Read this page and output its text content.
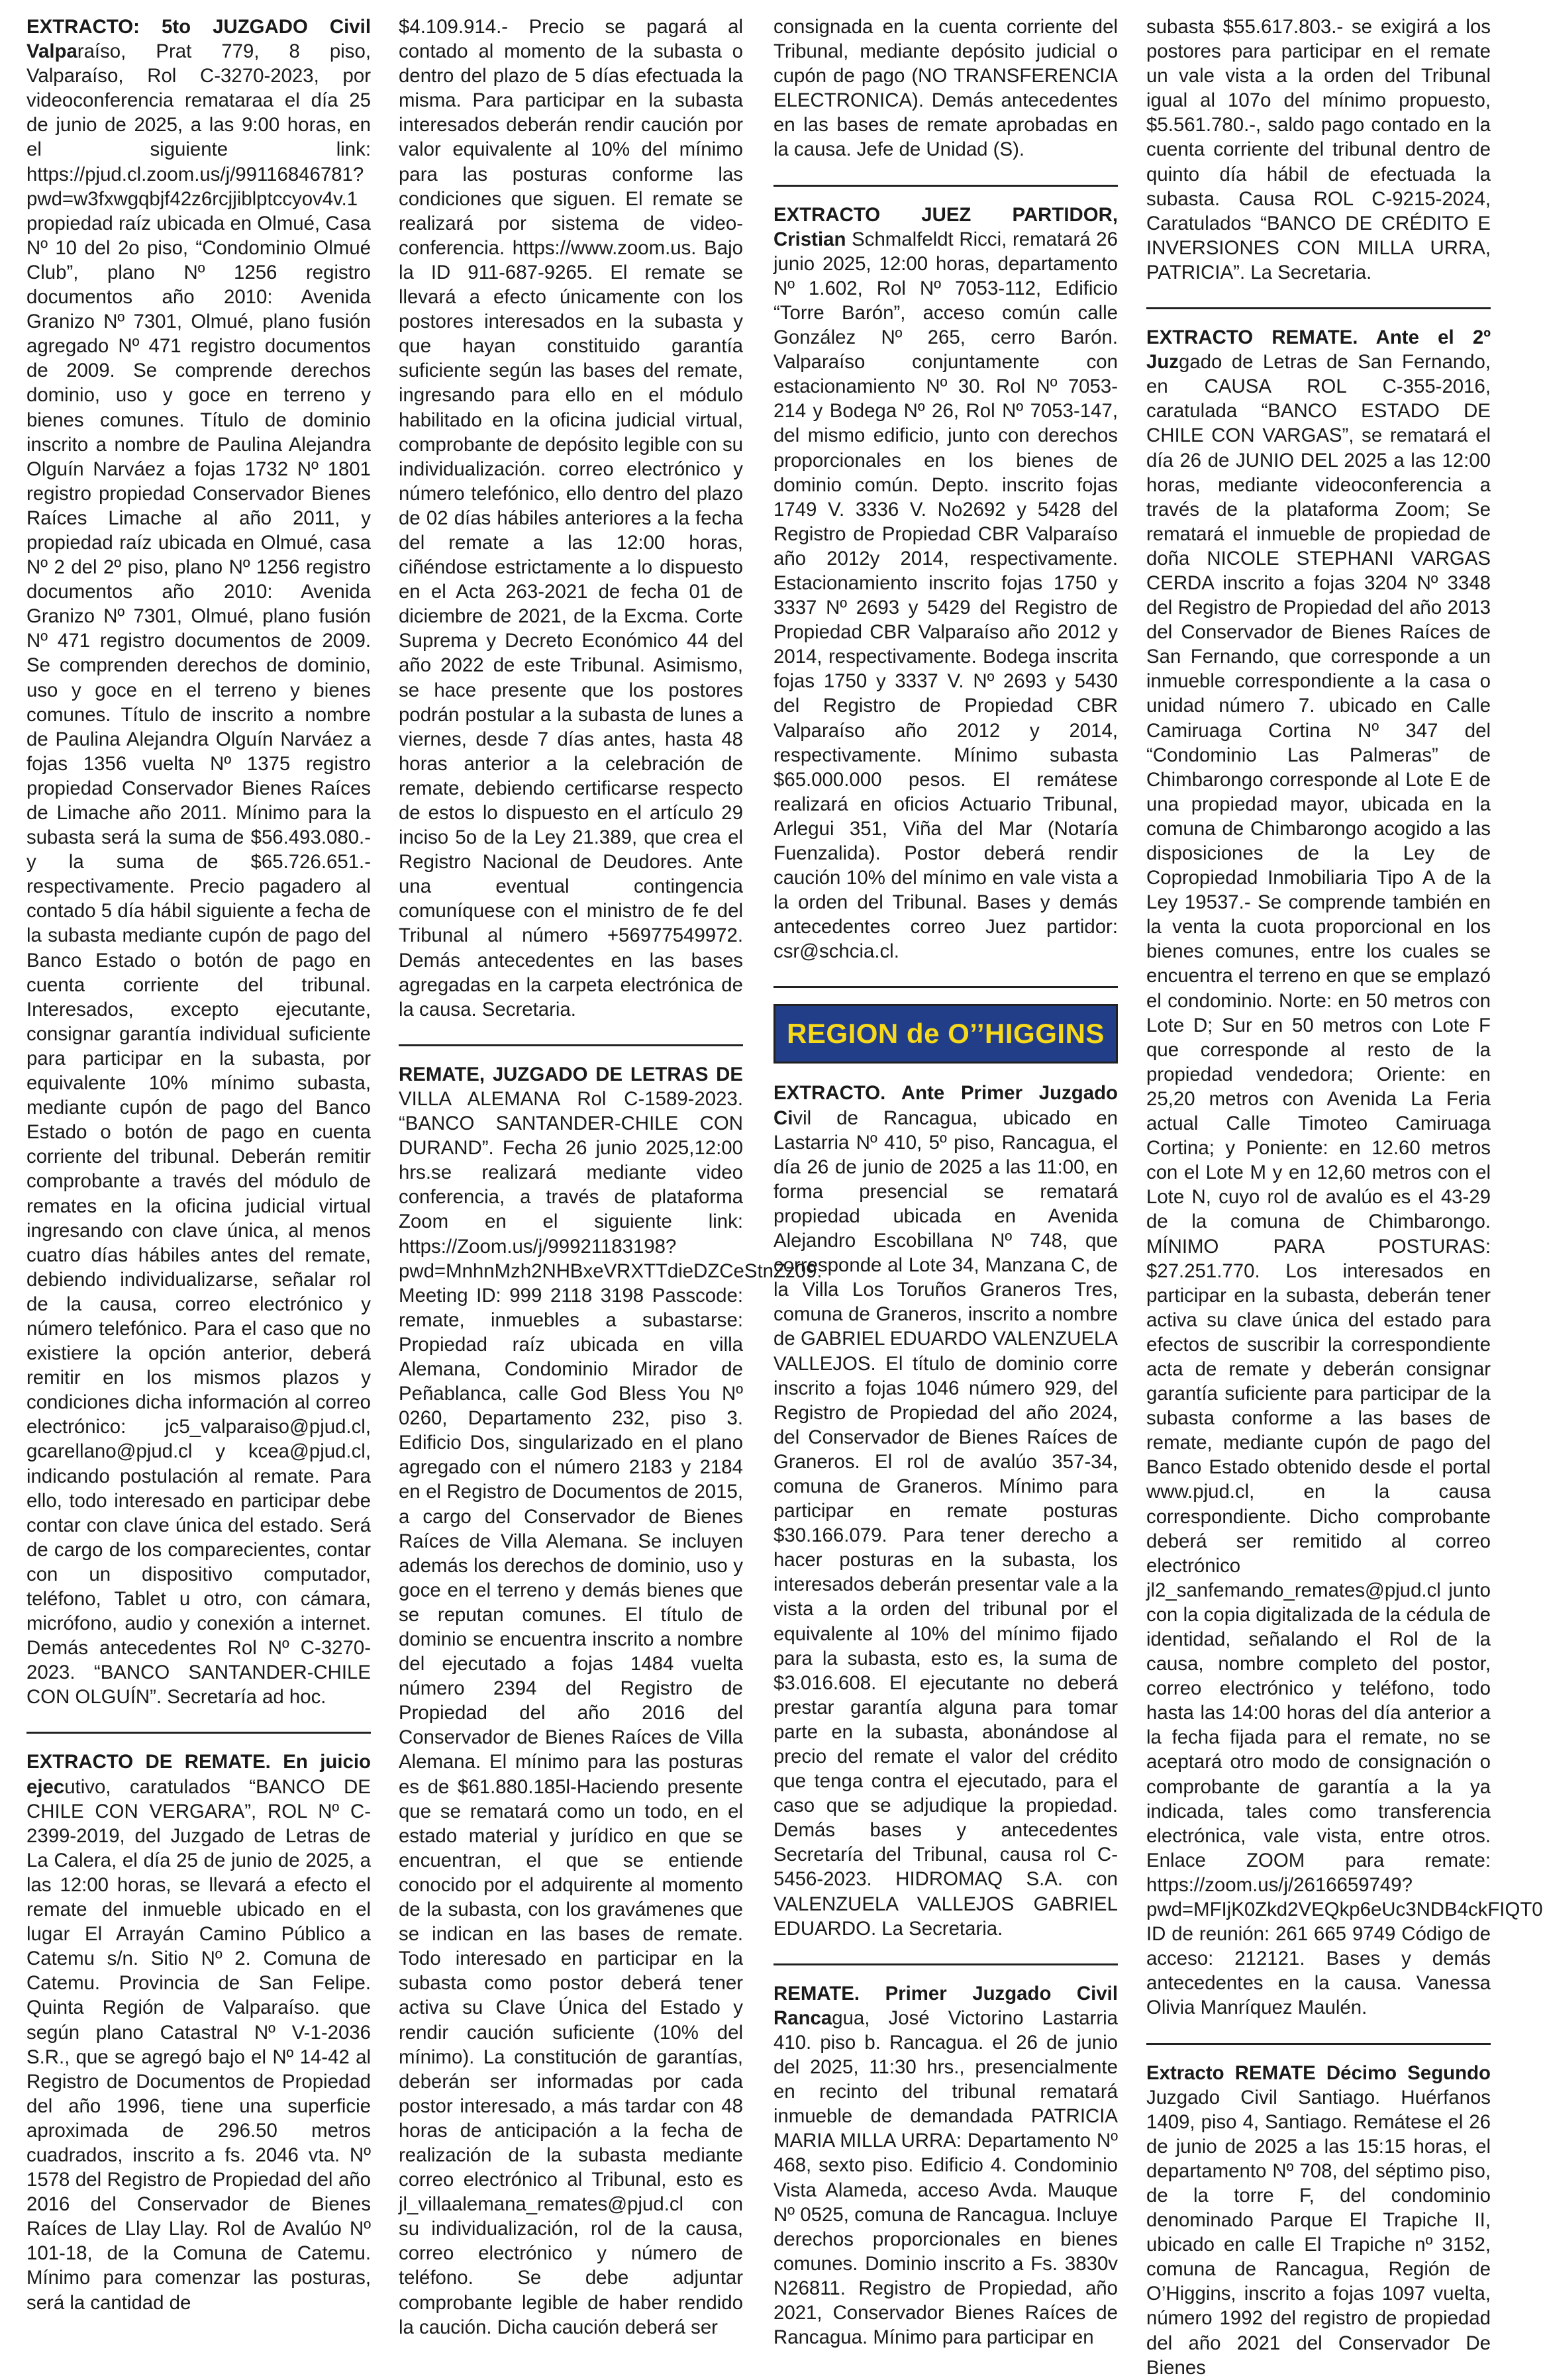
EXTRACTO: 5to JUZGADO Civil Valparaíso, Prat 779, 8 piso, Valparaíso, Rol C-3270-2023, por videoconferencia remataraa el día 25 de junio de 2025, a las 9:00 horas, en el siguiente link: https://pjud.cl.zoom.us/j/99116846781?pwd=w3fxwgqbjf42z6rcjjiblptccyov4v.1 propiedad raíz ubicada en Olmué, Casa Nº 10 del 2o piso, “Condominio Olmué Club”, plano Nº 1256 registro documentos año 2010: Avenida Granizo Nº 7301, Olmué, plano fusión agregado Nº 471 registro documentos de 2009. Se comprende derechos dominio, uso y goce en terreno y bienes comunes. Título de dominio inscrito a nombre de Paulina Alejandra Olguín Narváez a fojas 1732 Nº 1801 registro propiedad Conservador Bienes Raíces Limache al año 2011, y propiedad raíz ubicada en Olmué, casa Nº 2 del 2º piso, plano Nº 1256 registro documentos año 2010: Avenida Granizo Nº 7301, Olmué, plano fusión Nº 471 registro documentos de 2009. Se comprenden derechos de dominio, uso y goce en el terreno y bienes comunes. Título de inscrito a nombre de Paulina Alejandra Olguín Narváez a fojas 1356 vuelta Nº 1375 registro propiedad Conservador Bienes Raíces de Limache año 2011. Mínimo para la subasta será la suma de $56.493.080.- y la suma de $65.726.651.- respectivamente. Precio pagadero al contado 5 día hábil siguiente a fecha de la subasta mediante cupón de pago del Banco Estado o botón de pago en cuenta corriente del tribunal. Interesados, excepto ejecutante, consignar garantía individual suficiente para participar en la subasta, por equivalente 10% mínimo subasta, mediante cupón de pago del Banco Estado o botón de pago en cuenta corriente del tribunal. Deberán remitir comprobante a través del módulo de remates en la oficina judicial virtual ingresando con clave única, al menos cuatro días hábiles antes del remate, debiendo individualizarse, señalar rol de la causa, correo electrónico y número telefónico. Para el caso que no existiere la opción anterior, deberá remitir en los mismos plazos y condiciones dicha información al correo electrónico: jc5_valparaiso@pjud.cl, gcarellano@pjud.cl y kcea@pjud.cl, indicando postulación al remate. Para ello, todo interesado en participar debe contar con clave única del estado. Será de cargo de los comparecientes, contar con un dispositivo computador, teléfono, Tablet u otro, con cámara, micrófono, audio y conexión a internet. Demás antecedentes Rol Nº C-3270-2023. “BANCO SANTANDER-CHILE CON OLGUÍN”. Secretaría ad hoc.

EXTRACTO DE REMATE. En juicio ejecutivo, caratulados “BANCO DE CHILE CON VERGARA”, ROL Nº C-2399-2019, del Juzgado de Letras de La Calera, el día 25 de junio de 2025, a las 12:00 horas, se llevará a efecto el remate del inmueble ubicado en el lugar El Arrayán Camino Público a Catemu s/n. Sitio Nº 2. Comuna de Catemu. Provincia de San Felipe. Quinta Región de Valparaíso. que según plano Catastral Nº V-1-2036 S.R., que se agregó bajo el Nº 14-42 al Registro de Documentos de Propiedad del año 1996, tiene una superficie aproximada de 296.50 metros cuadrados, inscrito a fs. 2046 vta. Nº 1578 del Registro de Propiedad del año 2016 del Conservador de Bienes Raíces de Llay Llay. Rol de Avalúo Nº 101-18, de la Comuna de Catemu. Mínimo para comenzar las posturas, será la cantidad de

$4.109.914.- Precio se pagará al contado al momento de la subasta o dentro del plazo de 5 días efectuada la misma. Para participar en la subasta interesados deberán rendir caución por valor equivalente al 10% del mínimo para las posturas conforme las condiciones que siguen. El remate se realizará por sistema de video-conferencia. https://www.zoom.us. Bajo la ID 911-687-9265. El remate se llevará a efecto únicamente con los postores interesados en la subasta y que hayan constituido garantía suficiente según las bases del remate, ingresando para ello en el módulo habilitado en la oficina judicial virtual, comprobante de depósito legible con su individualización. correo electrónico y número telefónico, ello dentro del plazo de 02 días hábiles anteriores a la fecha del remate a las 12:00 horas, ciñéndose estrictamente a lo dispuesto en el Acta 263-2021 de fecha 01 de diciembre de 2021, de la Excma. Corte Suprema y Decreto Económico 44 del año 2022 de este Tribunal. Asimismo, se hace presente que los postores podrán postular a la subasta de lunes a viernes, desde 7 días antes, hasta 48 horas anterior a la celebración de remate, debiendo certificarse respecto de estos lo dispuesto en el artículo 29 inciso 5o de la Ley 21.389, que crea el Registro Nacional de Deudores. Ante una eventual contingencia comuníquese con el ministro de fe del Tribunal al número +56977549972. Demás antecedentes en las bases agregadas en la carpeta electrónica de la causa. Secretaria.

REMATE, JUZGADO DE LETRAS DE VILLA ALEMANA Rol C-1589-2023. “BANCO SANTANDER-CHILE CON DURAND”. Fecha 26 junio 2025,12:00 hrs.se realizará mediante video conferencia, a través de plataforma Zoom en el siguiente link: https://Zoom.us/j/99921183198?pwd=MnhnMzh2NHBxeVRXTTdieDZCeStnZz09. Meeting ID: 999 2118 3198 Passcode: remate, inmuebles a subastarse: Propiedad raíz ubicada en villa Alemana, Condominio Mirador de Peñablanca, calle God Bless You Nº 0260, Departamento 232, piso 3. Edificio Dos, singularizado en el plano agregado con el número 2183 y 2184 en el Registro de Documentos de 2015, a cargo del Conservador de Bienes Raíces de Villa Alemana. Se incluyen además los derechos de dominio, uso y goce en el terreno y demás bienes que se reputan comunes. El título de dominio se encuentra inscrito a nombre del ejecutado a fojas 1484 vuelta número 2394 del Registro de Propiedad del año 2016 del Conservador de Bienes Raíces de Villa Alemana. El mínimo para las posturas es de $61.880.185l-Haciendo presente que se rematará como un todo, en el estado material y jurídico en que se encuentran, el que se entiende conocido por el adquirente al momento de la subasta, con los gravámenes que se indican en las bases de remate. Todo interesado en participar en la subasta como postor deberá tener activa su Clave Única del Estado y rendir caución suficiente (10% del mínimo). La constitución de garantías, deberán ser informadas por cada postor interesado, a más tardar con 48 horas de anticipación a la fecha de realización de la subasta mediante correo electrónico al Tribunal, esto es jl_villaalemana_remates@pjud.cl con su individualización, rol de la causa, correo electrónico y número de teléfono. Se debe adjuntar comprobante legible de haber rendido la caución. Dicha caución deberá ser

consignada en la cuenta corriente del Tribunal, mediante depósito judicial o cupón de pago (NO TRANSFERENCIA ELECTRONICA). Demás antecedentes en las bases de remate aprobadas en la causa. Jefe de Unidad (S).

EXTRACTO JUEZ PARTIDOR, Cristian Schmalfeldt Ricci, rematará 26 junio 2025, 12:00 horas, departamento Nº 1.602, Rol Nº 7053-112, Edificio “Torre Barón”, acceso común calle González Nº 265, cerro Barón. Valparaíso conjuntamente con estacionamiento Nº 30. Rol Nº 7053-214 y Bodega Nº 26, Rol Nº 7053-147, del mismo edificio, junto con derechos proporcionales en los bienes de dominio común. Depto. inscrito fojas 1749 V. 3336 V. No2692 y 5428 del Registro de Propiedad CBR Valparaíso año 2012y 2014, respectivamente. Estacionamiento inscrito fojas 1750 y 3337 Nº 2693 y 5429 del Registro de Propiedad CBR Valparaíso año 2012 y 2014, respectivamente. Bodega inscrita fojas 1750 y 3337 V. Nº 2693 y 5430 del Registro de Propiedad CBR Valparaíso año 2012 y 2014, respectivamente. Mínimo subasta $65.000.000 pesos. El remátese realizará en oficios Actuario Tribunal, Arlegui 351, Viña del Mar (Notaría Fuenzalida). Postor deberá rendir caución 10% del mínimo en vale vista a la orden del Tribunal. Bases y demás antecedentes correo Juez partidor: csr@schcia.cl.

REGION de O’’HIGGINS

EXTRACTO. Ante Primer Juzgado Civil de Rancagua, ubicado en Lastarria Nº 410, 5º piso, Rancagua, el día 26 de junio de 2025 a las 11:00, en forma presencial se rematará propiedad ubicada en Avenida Alejandro Escobillana Nº 748, que corresponde al Lote 34, Manzana C, de la Villa Los Toruños Graneros Tres, comuna de Graneros, inscrito a nombre de GABRIEL EDUARDO VALENZUELA VALLEJOS. El título de dominio corre inscrito a fojas 1046 número 929, del Registro de Propiedad del año 2024, del Conservador de Bienes Raíces de Graneros. El rol de avalúo 357-34, comuna de Graneros. Mínimo para participar en remate posturas $30.166.079. Para tener derecho a hacer posturas en la subasta, los interesados deberán presentar vale a la vista a la orden del tribunal por el equivalente al 10% del mínimo fijado para la subasta, esto es, la suma de $3.016.608. El ejecutante no deberá prestar garantía alguna para tomar parte en la subasta, abonándose al precio del remate el valor del crédito que tenga contra el ejecutado, para el caso que se adjudique la propiedad. Demás bases y antecedentes Secretaría del Tribunal, causa rol C-5456-2023. HIDROMAQ S.A. con VALENZUELA VALLEJOS GABRIEL EDUARDO. La Secretaria.

REMATE. Primer Juzgado Civil Rancagua, José Victorino Lastarria 410. piso b. Rancagua. el 26 de junio del 2025, 11:30 hrs., presencialmente en recinto del tribunal rematará inmueble de demandada PATRICIA MARIA MILLA URRA: Departamento Nº 468, sexto piso. Edificio 4. Condominio Vista Alameda, acceso Avda. Mauque Nº 0525, comuna de Rancagua. Incluye derechos proporcionales en bienes comunes. Dominio inscrito a Fs. 3830v N26811. Registro de Propiedad, año 2021, Conservador Bienes Raíces de Rancagua. Mínimo para participar en

subasta $55.617.803.- se exigirá a los postores para participar en el remate un vale vista a la orden del Tribunal igual al 107o del mínimo propuesto, $5.561.780.-, saldo pago contado en la cuenta corriente del tribunal dentro de quinto día hábil de efectuada la subasta. Causa ROL C-9215-2024, Caratulados “BANCO DE CRÉDITO E INVERSIONES CON MILLA URRA, PATRICIA”. La Secretaria.

EXTRACTO REMATE. Ante el 2º Juzgado de Letras de San Fernando, en CAUSA ROL C-355-2016, caratulada “BANCO ESTADO DE CHILE CON VARGAS”, se rematará el día 26 de JUNIO DEL 2025 a las 12:00 horas, mediante videoconferencia a través de la plataforma Zoom; Se rematará el inmueble de propiedad de doña NICOLE STEPHANI VARGAS CERDA inscrito a fojas 3204 Nº 3348 del Registro de Propiedad del año 2013 del Conservador de Bienes Raíces de San Fernando, que corresponde a un inmueble correspondiente a la casa o unidad número 7. ubicado en Calle Camiruaga Cortina Nº 347 del “Condominio Las Palmeras” de Chimbarongo corresponde al Lote E de una propiedad mayor, ubicada en la comuna de Chimbarongo acogido a las disposiciones de la Ley de Copropiedad Inmobiliaria Tipo A de la Ley 19537.- Se comprende también en la venta la cuota proporcional en los bienes comunes, entre los cuales se encuentra el terreno en que se emplazó el condominio. Norte: en 50 metros con Lote D; Sur en 50 metros con Lote F que corresponde al resto de la propiedad vendedora; Oriente: en 25,20 metros con Avenida La Feria actual Calle Timoteo Camiruaga Cortina; y Poniente: en 12.60 metros con el Lote M y en 12,60 metros con el Lote N, cuyo rol de avalúo es el 43-29 de la comuna de Chimbarongo. MÍNIMO PARA POSTURAS: $27.251.770. Los interesados en participar en la subasta, deberán tener activa su clave única del estado para efectos de suscribir la correspondiente acta de remate y deberán consignar garantía suficiente para participar de la subasta conforme a las bases de remate, mediante cupón de pago del Banco Estado obtenido desde el portal www.pjud.cl, en la causa correspondiente. Dicho comprobante deberá ser remitido al correo electrónico jl2_sanfemando_remates@pjud.cl junto con la copia digitalizada de la cédula de identidad, señalando el Rol de la causa, nombre completo del postor, correo electrónico y teléfono, todo hasta las 14:00 horas del día anterior a la fecha fijada para el remate, no se aceptará otro modo de consignación o comprobante de garantía a la ya indicada, tales como transferencia electrónica, vale vista, entre otros. Enlace ZOOM para remate: https://zoom.us/j/2616659749?pwd=MFIjK0Zkd2VEQkp6eUc3NDB4ckFIQT0 ID de reunión: 261 665 9749 Código de acceso: 212121. Bases y demás antecedentes en la causa. Vanessa Olivia Manríquez Maulén.

Extracto REMATE Décimo Segundo Juzgado Civil Santiago. Huérfanos 1409, piso 4, Santiago. Remátese el 26 de junio de 2025 a las 15:15 horas, el departamento Nº 708, del séptimo piso, de la torre F, del condominio denominado Parque El Trapiche II, ubicado en calle El Trapiche nº 3152, comuna de Rancagua, Región de O’Higgins, inscrito a fojas 1097 vuelta, número 1992 del registro de propiedad del año 2021 del Conservador De Bienes
